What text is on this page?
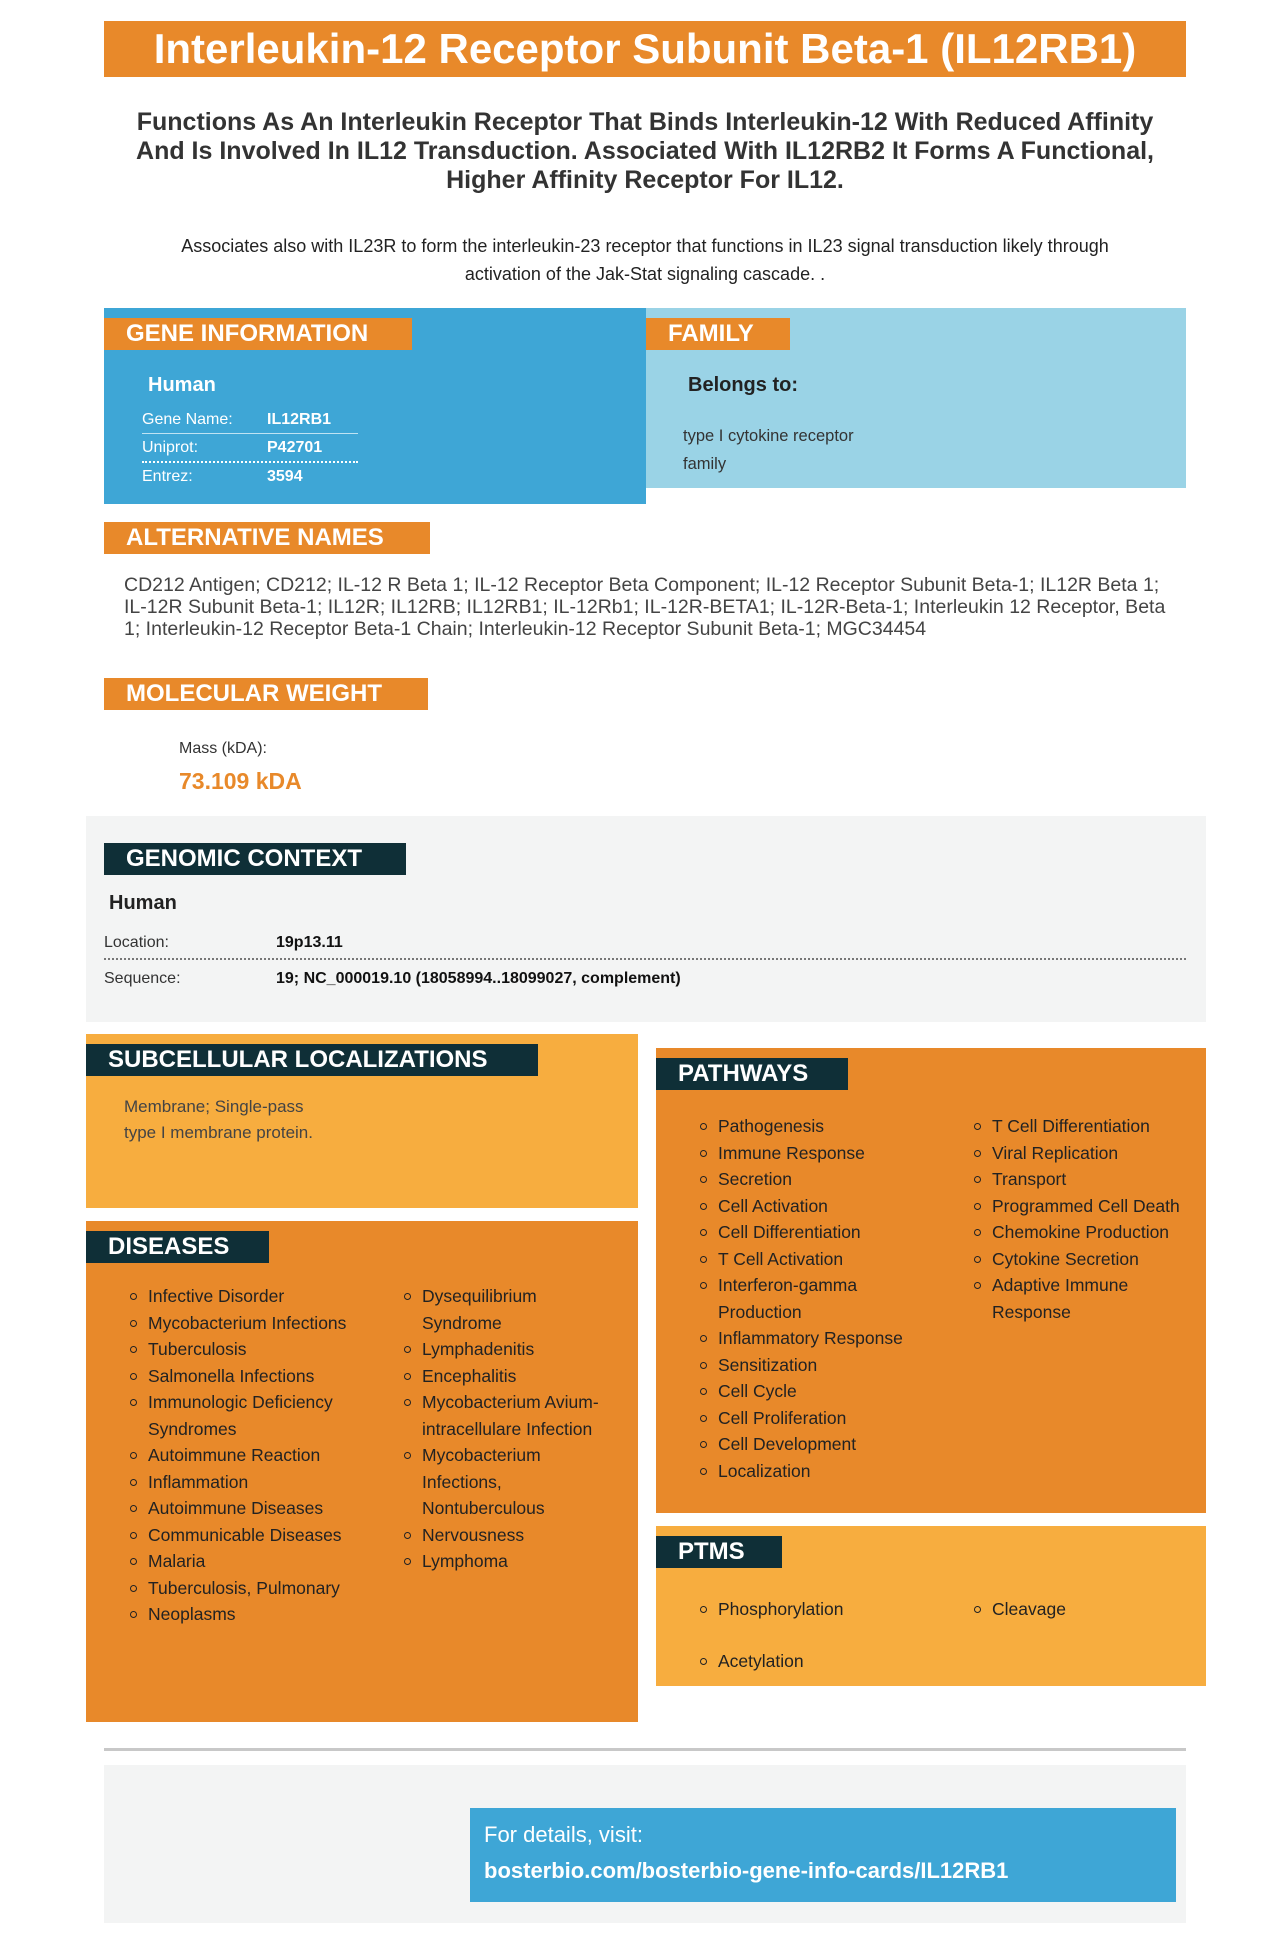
Interleukin-12 Receptor Subunit Beta-1 (IL12RB1)
Functions As An Interleukin Receptor That Binds Interleukin-12 With Reduced Affinity And Is Involved In IL12 Transduction. Associated With IL12RB2 It Forms A Functional, Higher Affinity Receptor For IL12.
Associates also with IL23R to form the interleukin-23 receptor that functions in IL23 signal transduction likely through activation of the Jak-Stat signaling cascade. .
GENE INFORMATION
Human
Gene Name:	IL12RB1
Uniprot:	P42701
Entrez:	3594
FAMILY
Belongs to:
type I cytokine receptor
family
ALTERNATIVE NAMES
CD212 Antigen; CD212; IL-12 R Beta 1; IL-12 Receptor Beta Component; IL-12 Receptor Subunit Beta-1; IL12R Beta 1; IL-12R Subunit Beta-1; IL12R; IL12RB; IL12RB1; IL-12Rb1; IL-12R-BETA1; IL-12R-Beta-1; Interleukin 12 Receptor, Beta 1; Interleukin-12 Receptor Beta-1 Chain; Interleukin-12 Receptor Subunit Beta-1; MGC34454
MOLECULAR WEIGHT
Mass (kDA):
73.109 kDA
GENOMIC CONTEXT
Human
Location:	19p13.11
Sequence:	19; NC_000019.10 (18058994..18099027, complement)
SUBCELLULAR LOCALIZATIONS
Membrane; Single-pass
type I membrane protein.
DISEASES
Infective Disorder
Mycobacterium Infections
Tuberculosis
Salmonella Infections
Immunologic Deficiency Syndromes
Autoimmune Reaction
Inflammation
Autoimmune Diseases
Communicable Diseases
Malaria
Tuberculosis, Pulmonary
Neoplasms
Dysequilibrium Syndrome
Lymphadenitis
Encephalitis
Mycobacterium Avium-intracellulare Infection
Mycobacterium Infections, Nontuberculous
Nervousness
Lymphoma
PATHWAYS
Pathogenesis
Immune Response
Secretion
Cell Activation
Cell Differentiation
T Cell Activation
Interferon-gamma Production
Inflammatory Response
Sensitization
Cell Cycle
Cell Proliferation
Cell Development
Localization
T Cell Differentiation
Viral Replication
Transport
Programmed Cell Death
Chemokine Production
Cytokine Secretion
Adaptive Immune Response
PTMS
Phosphorylation
Acetylation
Cleavage
For details, visit:
bosterbio.com/bosterbio-gene-info-cards/IL12RB1
